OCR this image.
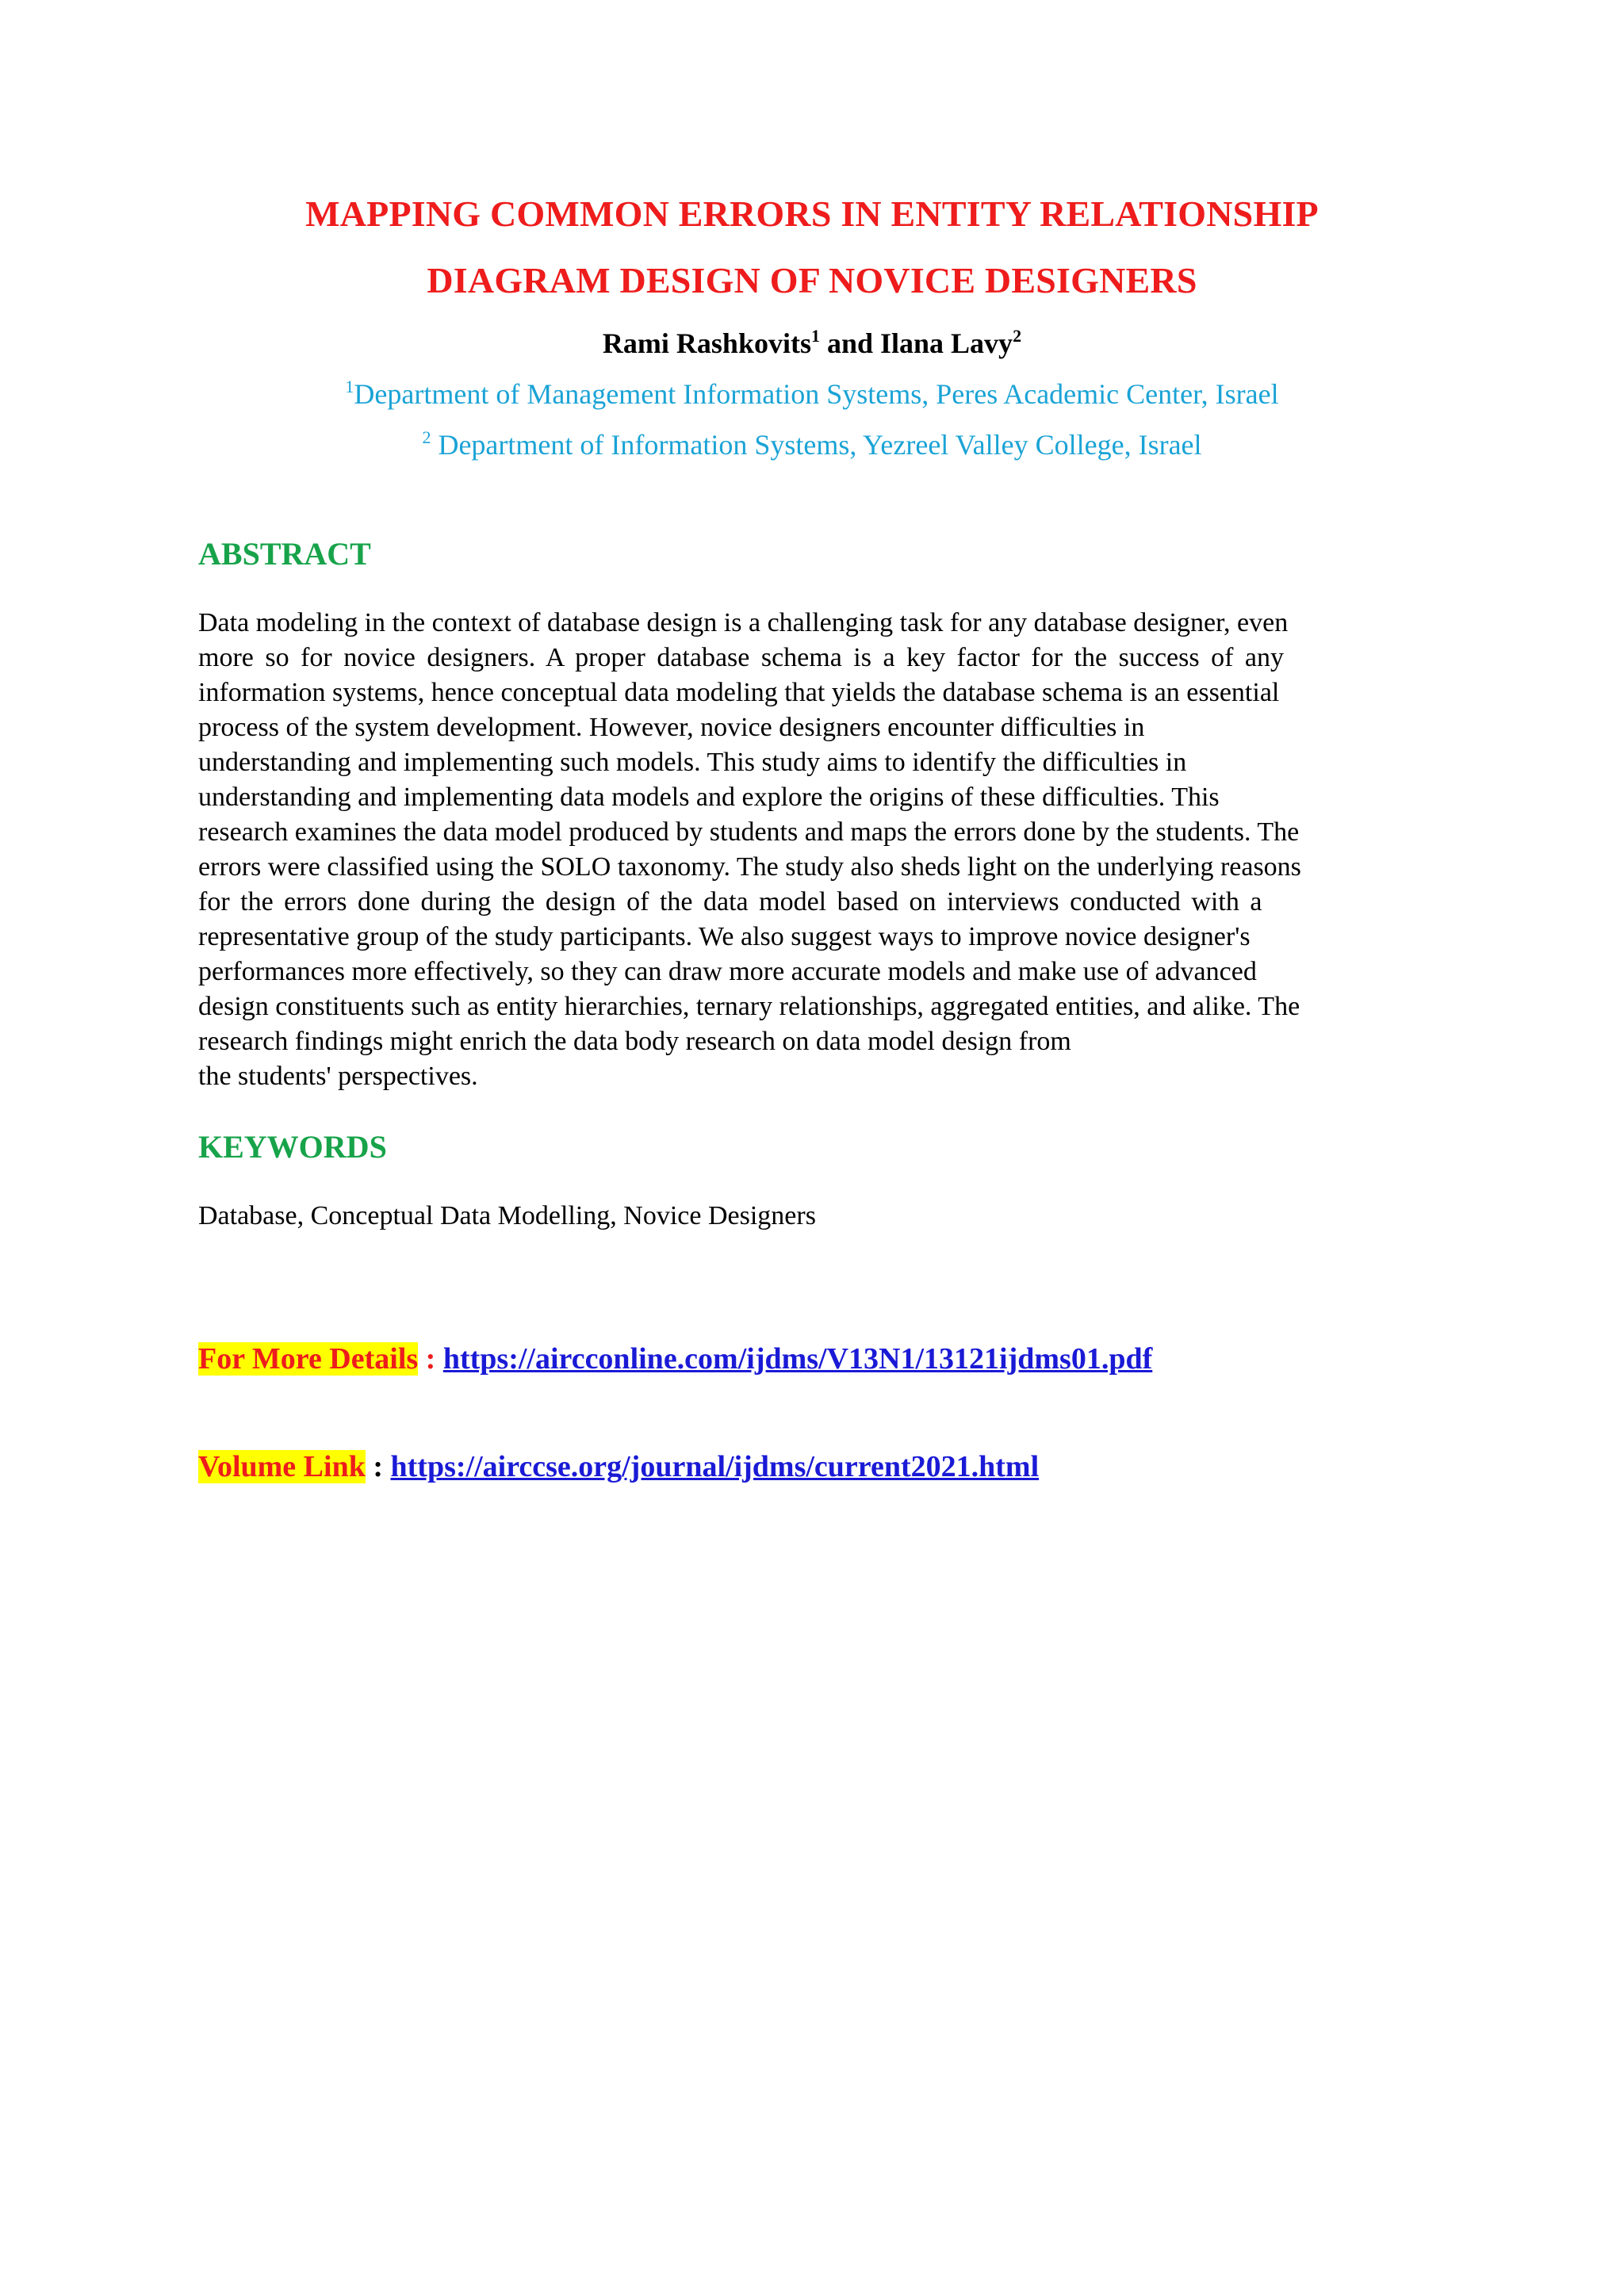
MAPPING COMMON ERRORS IN ENTITY RELATIONSHIP
DIAGRAM DESIGN OF NOVICE DESIGNERS
Rami Rashkovits$^1$ and Ilana Lavy$^2$
$^1$Department of Management Information Systems, Peres Academic Center, Israel
$^2$ Department of Information Systems, Yezreel Valley College, Israel
ABSTRACT
Data modeling in the context of database design is a challenging task for any database designer, even
more so for novice designers. A proper database schema is a key factor for the success of any
information systems, hence conceptual data modeling that yields the database schema is an essential
process of the system development. However, novice designers encounter difficulties in
understanding and implementing such models. This study aims to identify the difficulties in
understanding and implementing data models and explore the origins of these difficulties. This
research examines the data model produced by students and maps the errors done by the students. The
errors were classified using the SOLO taxonomy. The study also sheds light on the underlying reasons
for the errors done during the design of the data model based on interviews conducted with a
representative group of the study participants. We also suggest ways to improve novice designer's
performances more effectively, so they can draw more accurate models and make use of advanced
design constituents such as entity hierarchies, ternary relationships, aggregated entities, and alike. The
research findings might enrich the data body research on data model design from
the students' perspectives.
KEYWORDS
Database, Conceptual Data Modelling, Novice Designers
For More Details : https://aircconline.com/ijdms/V13N1/13121ijdms01.pdf
Volume Link : https://airccse.org/journal/ijdms/current2021.html
